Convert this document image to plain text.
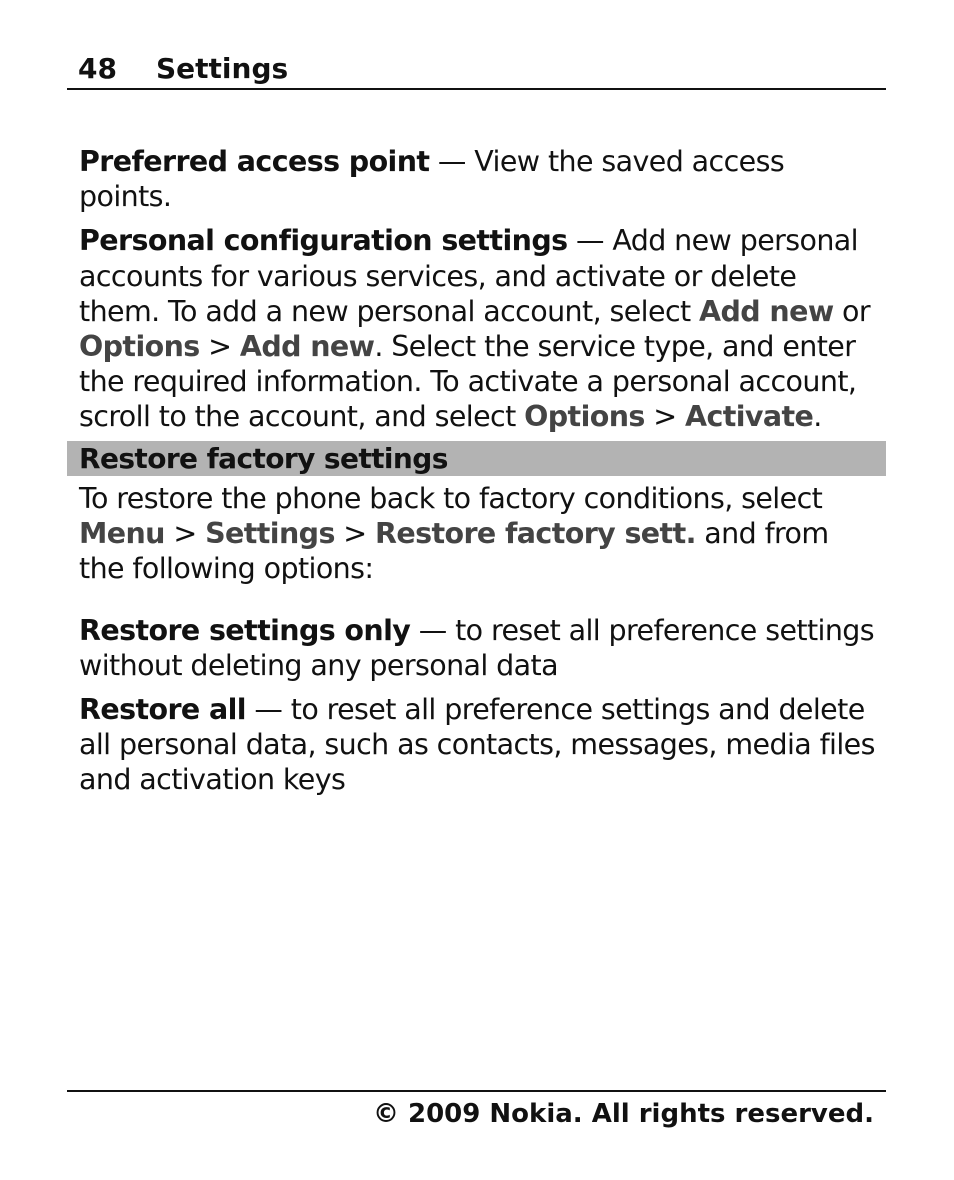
48	Settings

Preferred access point — View the saved access points.

Personal configuration settings — Add new personal accounts for various services, and activate or delete them. To add a new personal account, select Add new or Options > Add new. Select the service type, and enter the required information. To activate a personal account, scroll to the account, and select Options > Activate.

Restore factory settings

To restore the phone back to factory conditions, select Menu > Settings > Restore factory sett. and from the following options:

Restore settings only — to reset all preference settings without deleting any personal data

Restore all — to reset all preference settings and delete all personal data, such as contacts, messages, media files and activation keys

© 2009 Nokia. All rights reserved.
